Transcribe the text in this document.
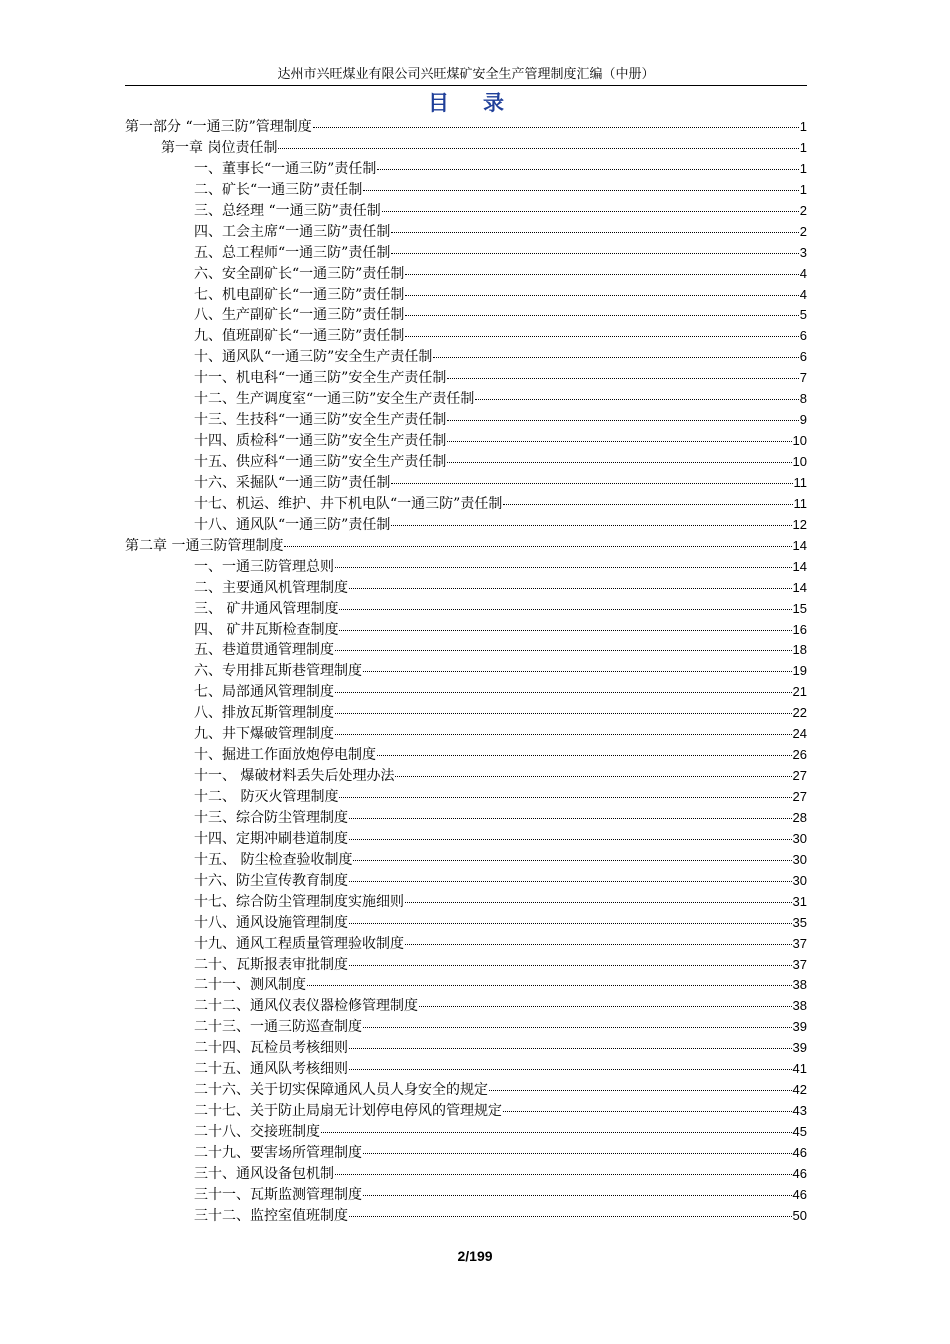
达州市兴旺煤业有限公司兴旺煤矿安全生产管理制度汇编（中册）
目录
第一部分 “一通三防”管理制度	1
第一章 岗位责任制	1
一、董事长“一通三防”责任制	1
二、矿长“一通三防”责任制	1
三、总经理 “一通三防”责任制	2
四、工会主席“一通三防”责任制	2
五、总工程师“一通三防”责任制	3
六、安全副矿长“一通三防”责任制	4
七、机电副矿长“一通三防”责任制	4
八、生产副矿长“一通三防”责任制	5
九、值班副矿长“一通三防”责任制	6
十、通风队“一通三防”安全生产责任制	6
十一、机电科“一通三防”安全生产责任制	7
十二、生产调度室“一通三防”安全生产责任制	8
十三、生技科“一通三防”安全生产责任制	9
十四、质检科“一通三防”安全生产责任制	10
十五、供应科“一通三防”安全生产责任制	10
十六、采掘队“一通三防”责任制	11
十七、机运、维护、井下机电队“一通三防”责任制	11
十八、通风队“一通三防”责任制	12
第二章 一通三防管理制度	14
一、一通三防管理总则	14
二、主要通风机管理制度	14
三、 矿井通风管理制度	15
四、 矿井瓦斯检查制度	16
五、巷道贯通管理制度	18
六、专用排瓦斯巷管理制度	19
七、局部通风管理制度	21
八、排放瓦斯管理制度	22
九、井下爆破管理制度	24
十、掘进工作面放炮停电制度	26
十一、 爆破材料丢失后处理办法	27
十二、 防灭火管理制度	27
十三、综合防尘管理制度	28
十四、定期冲刷巷道制度	30
十五、 防尘检查验收制度	30
十六、防尘宣传教育制度	30
十七、综合防尘管理制度实施细则	31
十八、通风设施管理制度	35
十九、通风工程质量管理验收制度	37
二十、瓦斯报表审批制度	37
二十一、测风制度	38
二十二、通风仪表仪器检修管理制度	38
二十三、一通三防巡查制度	39
二十四、瓦检员考核细则	39
二十五、通风队考核细则	41
二十六、关于切实保障通风人员人身安全的规定	42
二十七、关于防止局扇无计划停电停风的管理规定	43
二十八、交接班制度	45
二十九、要害场所管理制度	46
三十、通风设备包机制	46
三十一、瓦斯监测管理制度	46
三十二、监控室值班制度	50
2/199
